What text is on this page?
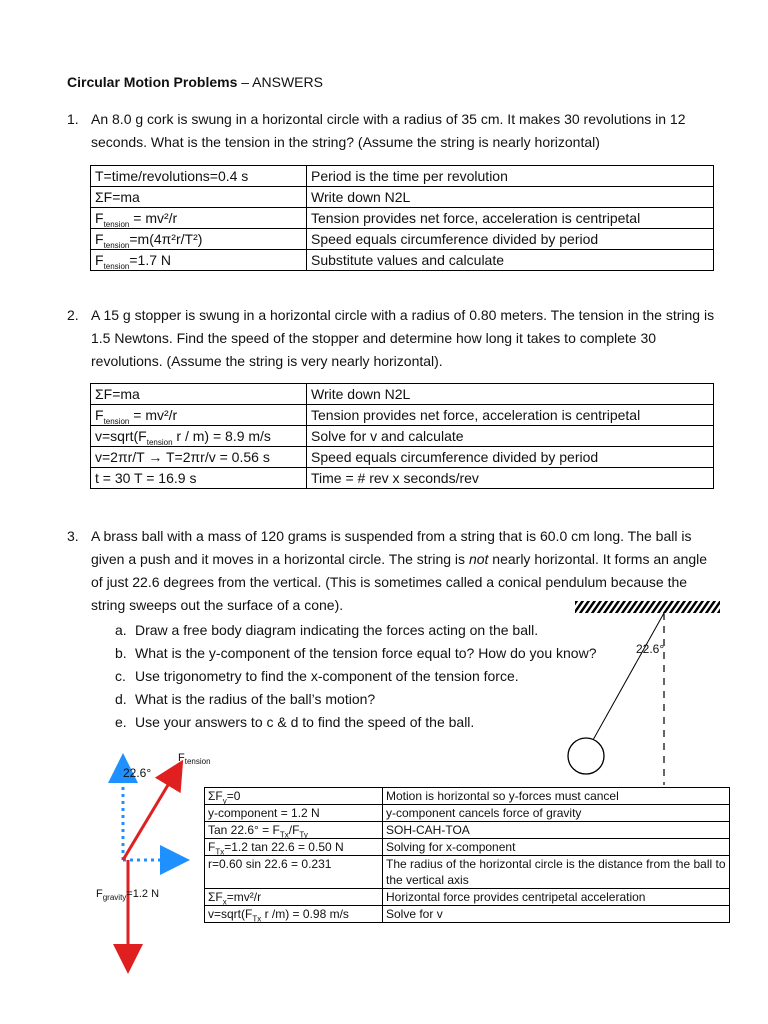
Circular Motion Problems – ANSWERS
1. An 8.0 g cork is swung in a horizontal circle with a radius of 35 cm. It makes 30 revolutions in 12 seconds. What is the tension in the string? (Assume the string is nearly horizontal)
T=time/revolutions=0.4 s	Period is the time per revolution
ΣF=ma	Write down N2L
$F_{tension} = mv^2/r$	Tension provides net force, acceleration is centripetal
$F_{tension}=m(4\pi^2r/T^2)$	Speed equals circumference divided by period
$F_{tension}=1.7$ N	Substitute values and calculate
2. A 15 g stopper is swung in a horizontal circle with a radius of 0.80 meters. The tension in the string is 1.5 Newtons. Find the speed of the stopper and determine how long it takes to complete 30 revolutions. (Assume the string is very nearly horizontal).
ΣF=ma	Write down N2L
$F_{tension} = mv^2/r$	Tension provides net force, acceleration is centripetal
$v=sqrt(F_{tension}$ r / m) = 8.9 m/s	Solve for v and calculate
v=2πr/T → T=2πr/v = 0.56 s	Speed equals circumference divided by period
t = 30 T = 16.9 s	Time = # rev x seconds/rev
3. A brass ball with a mass of 120 grams is suspended from a string that is 60.0 cm long. The ball is given a push and it moves in a horizontal circle. The string is not nearly horizontal. It forms an angle of just 22.6 degrees from the vertical. (This is sometimes called a conical pendulum because the string sweeps out the surface of a cone).
a. Draw a free body diagram indicating the forces acting on the ball.
b. What is the y-component of the tension force equal to? How do you know?
c. Use trigonometry to find the x-component of the tension force.
d. What is the radius of the ball’s motion?
e. Use your answers to c & d to find the speed of the ball.
22.6°
22.6°
$F_{tension}$
$F_{gravity}=1.2$ N
$\Sigma F_y=0$	Motion is horizontal so y-forces must cancel
y-component = 1.2 N	y-component cancels force of gravity
Tan $22.6^\circ = F_{Tx}/F_{Ty}$	SOH-CAH-TOA
$F_{Tx}=1.2$ tan 22.6 = 0.50 N	Solving for x-component
r=0.60 sin 22.6 = 0.231	The radius of the horizontal circle is the distance from the ball to the vertical axis
$\Sigma F_x=mv^2/r$	Horizontal force provides centripetal acceleration
$v=sqrt(F_{Tx}$ r /m) = 0.98 m/s	Solve for v
